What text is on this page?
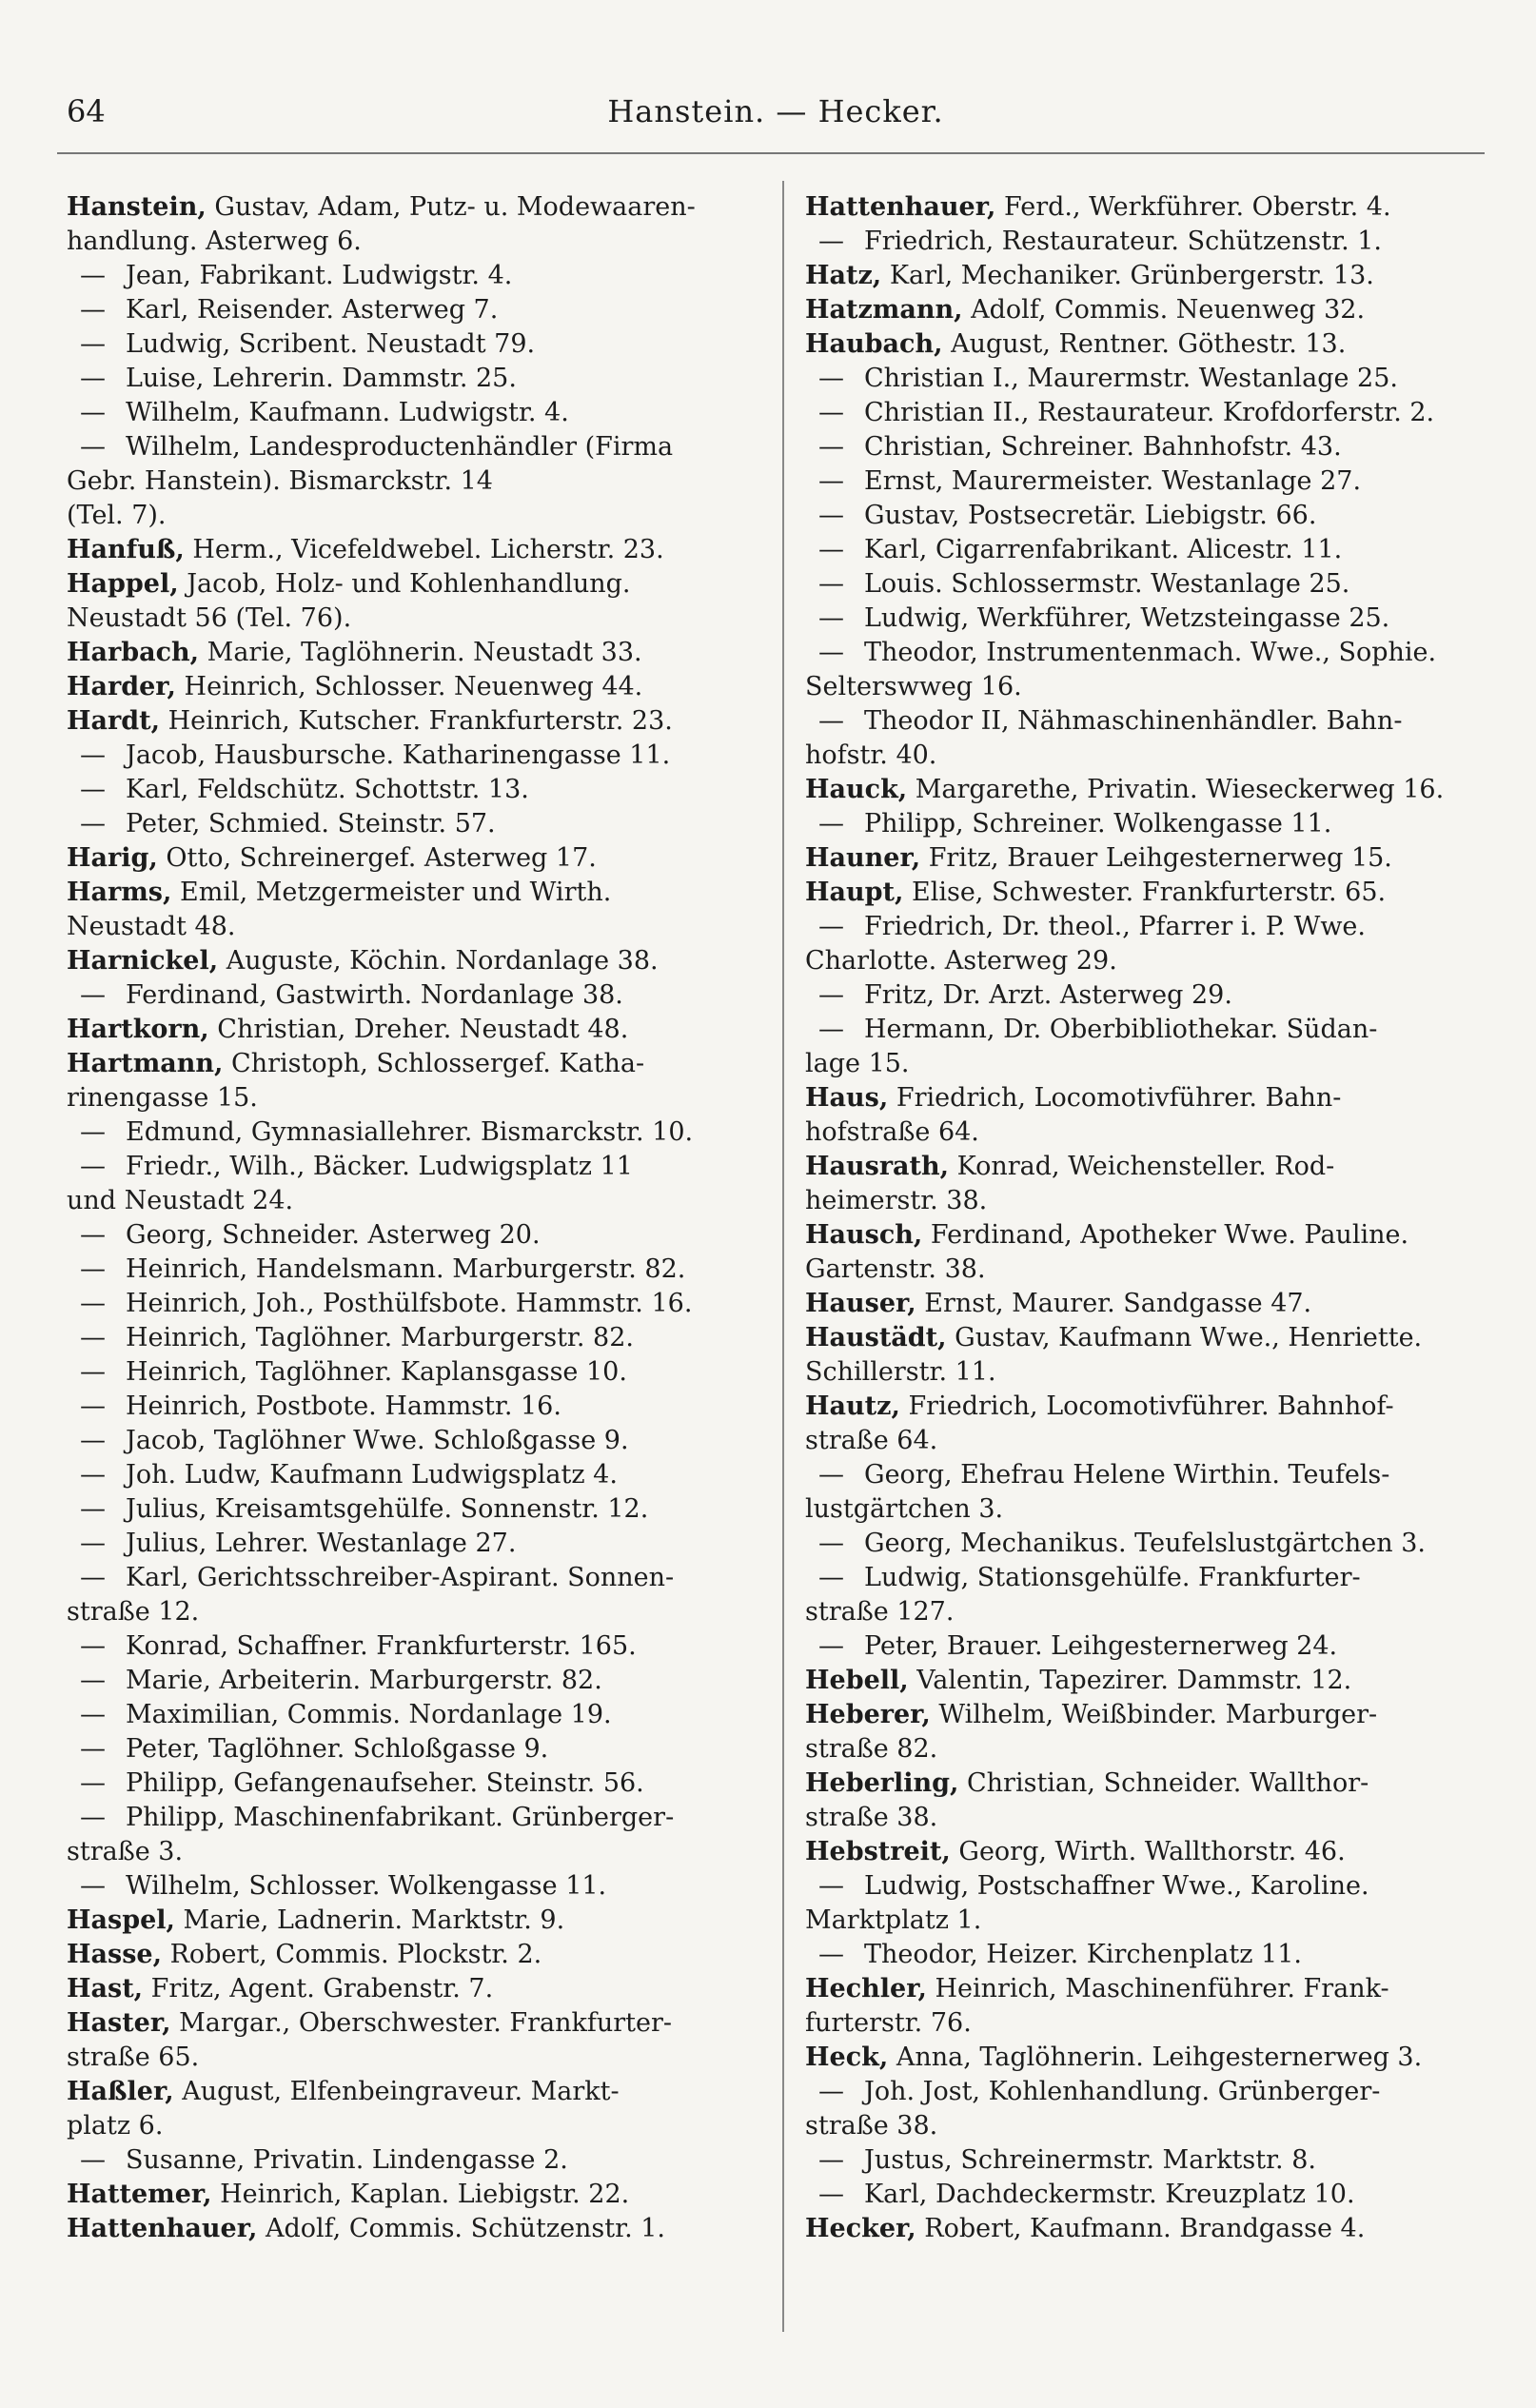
64	Hanstein. — Hecker.
Hanstein, Gustav, Adam, Putz- u. Modewaaren-
handlung. Asterweg 6.
— Jean, Fabrikant. Ludwigstr. 4.
— Karl, Reisender. Asterweg 7.
— Ludwig, Scribent. Neustadt 79.
— Luise, Lehrerin. Dammstr. 25.
— Wilhelm, Kaufmann. Ludwigstr. 4.
— Wilhelm, Landesproductenhändler (Firma
Gebr. Hanstein). Bismarckstr. 14
(Tel. 7).
Hanfuß, Herm., Vicefeldwebel. Licherstr. 23.
Happel, Jacob, Holz- und Kohlenhandlung.
Neustadt 56 (Tel. 76).
Harbach, Marie, Taglöhnerin. Neustadt 33.
Harder, Heinrich, Schlosser. Neuenweg 44.
Hardt, Heinrich, Kutscher. Frankfurterstr. 23.
— Jacob, Hausbursche. Katharinengasse 11.
— Karl, Feldschütz. Schottstr. 13.
— Peter, Schmied. Steinstr. 57.
Harig, Otto, Schreinergef. Asterweg 17.
Harms, Emil, Metzgermeister und Wirth.
Neustadt 48.
Harnickel, Auguste, Köchin. Nordanlage 38.
— Ferdinand, Gastwirth. Nordanlage 38.
Hartkorn, Christian, Dreher. Neustadt 48.
Hartmann, Christoph, Schlossergef. Katha-
rinengasse 15.
— Edmund, Gymnasiallehrer. Bismarckstr. 10.
— Friedr., Wilh., Bäcker. Ludwigsplatz 11
und Neustadt 24.
— Georg, Schneider. Asterweg 20.
— Heinrich, Handelsmann. Marburgerstr. 82.
— Heinrich, Joh., Posthülfsbote. Hammstr. 16.
— Heinrich, Taglöhner. Marburgerstr. 82.
— Heinrich, Taglöhner. Kaplansgasse 10.
— Heinrich, Postbote. Hammstr. 16.
— Jacob, Taglöhner Wwe. Schloßgasse 9.
— Joh. Ludw, Kaufmann Ludwigsplatz 4.
— Julius, Kreisamtsgehülfe. Sonnenstr. 12.
— Julius, Lehrer. Westanlage 27.
— Karl, Gerichtsschreiber-Aspirant. Sonnen-
straße 12.
— Konrad, Schaffner. Frankfurterstr. 165.
— Marie, Arbeiterin. Marburgerstr. 82.
— Maximilian, Commis. Nordanlage 19.
— Peter, Taglöhner. Schloßgasse 9.
— Philipp, Gefangenaufseher. Steinstr. 56.
— Philipp, Maschinenfabrikant. Grünberger-
straße 3.
— Wilhelm, Schlosser. Wolkengasse 11.
Haspel, Marie, Ladnerin. Marktstr. 9.
Hasse, Robert, Commis. Plockstr. 2.
Hast, Fritz, Agent. Grabenstr. 7.
Haster, Margar., Oberschwester. Frankfurter-
straße 65.
Haßler, August, Elfenbeingraveur. Markt-
platz 6.
— Susanne, Privatin. Lindengasse 2.
Hattemer, Heinrich, Kaplan. Liebigstr. 22.
Hattenhauer, Adolf, Commis. Schützenstr. 1.
Hattenhauer, Ferd., Werkführer. Oberstr. 4.
— Friedrich, Restaurateur. Schützenstr. 1.
Hatz, Karl, Mechaniker. Grünbergerstr. 13.
Hatzmann, Adolf, Commis. Neuenweg 32.
Haubach, August, Rentner. Göthestr. 13.
— Christian I., Maurermstr. Westanlage 25.
— Christian II., Restaurateur. Krofdorferstr. 2.
— Christian, Schreiner. Bahnhofstr. 43.
— Ernst, Maurermeister. Westanlage 27.
— Gustav, Postsecretär. Liebigstr. 66.
— Karl, Cigarrenfabrikant. Alicestr. 11.
— Louis. Schlossermstr. Westanlage 25.
— Ludwig, Werkführer, Wetzsteingasse 25.
— Theodor, Instrumentenmach. Wwe., Sophie.
Selterswweg 16.
— Theodor II, Nähmaschinenhändler. Bahn-
hofstr. 40.
Hauck, Margarethe, Privatin. Wieseckerweg 16.
— Philipp, Schreiner. Wolkengasse 11.
Hauner, Fritz, Brauer Leihgesternerweg 15.
Haupt, Elise, Schwester. Frankfurterstr. 65.
— Friedrich, Dr. theol., Pfarrer i. P. Wwe.
Charlotte. Asterweg 29.
— Fritz, Dr. Arzt. Asterweg 29.
— Hermann, Dr. Oberbibliothekar. Südan-
lage 15.
Haus, Friedrich, Locomotivführer. Bahn-
hofstraße 64.
Hausrath, Konrad, Weichensteller. Rod-
heimerstr. 38.
Hausch, Ferdinand, Apotheker Wwe. Pauline.
Gartenstr. 38.
Hauser, Ernst, Maurer. Sandgasse 47.
Haustädt, Gustav, Kaufmann Wwe., Henriette.
Schillerstr. 11.
Hautz, Friedrich, Locomotivführer. Bahnhof-
straße 64.
— Georg, Ehefrau Helene Wirthin. Teufels-
lustgärtchen 3.
— Georg, Mechanikus. Teufelslustgärtchen 3.
— Ludwig, Stationsgehülfe. Frankfurter-
straße 127.
— Peter, Brauer. Leihgesternerweg 24.
Hebell, Valentin, Tapezirer. Dammstr. 12.
Heberer, Wilhelm, Weißbinder. Marburger-
straße 82.
Heberling, Christian, Schneider. Wallthor-
straße 38.
Hebstreit, Georg, Wirth. Wallthorstr. 46.
— Ludwig, Postschaffner Wwe., Karoline.
Marktplatz 1.
— Theodor, Heizer. Kirchenplatz 11.
Hechler, Heinrich, Maschinenführer. Frank-
furterstr. 76.
Heck, Anna, Taglöhnerin. Leihgesternerweg 3.
— Joh. Jost, Kohlenhandlung. Grünberger-
straße 38.
— Justus, Schreinermstr. Marktstr. 8.
— Karl, Dachdeckermstr. Kreuzplatz 10.
Hecker, Robert, Kaufmann. Brandgasse 4.
